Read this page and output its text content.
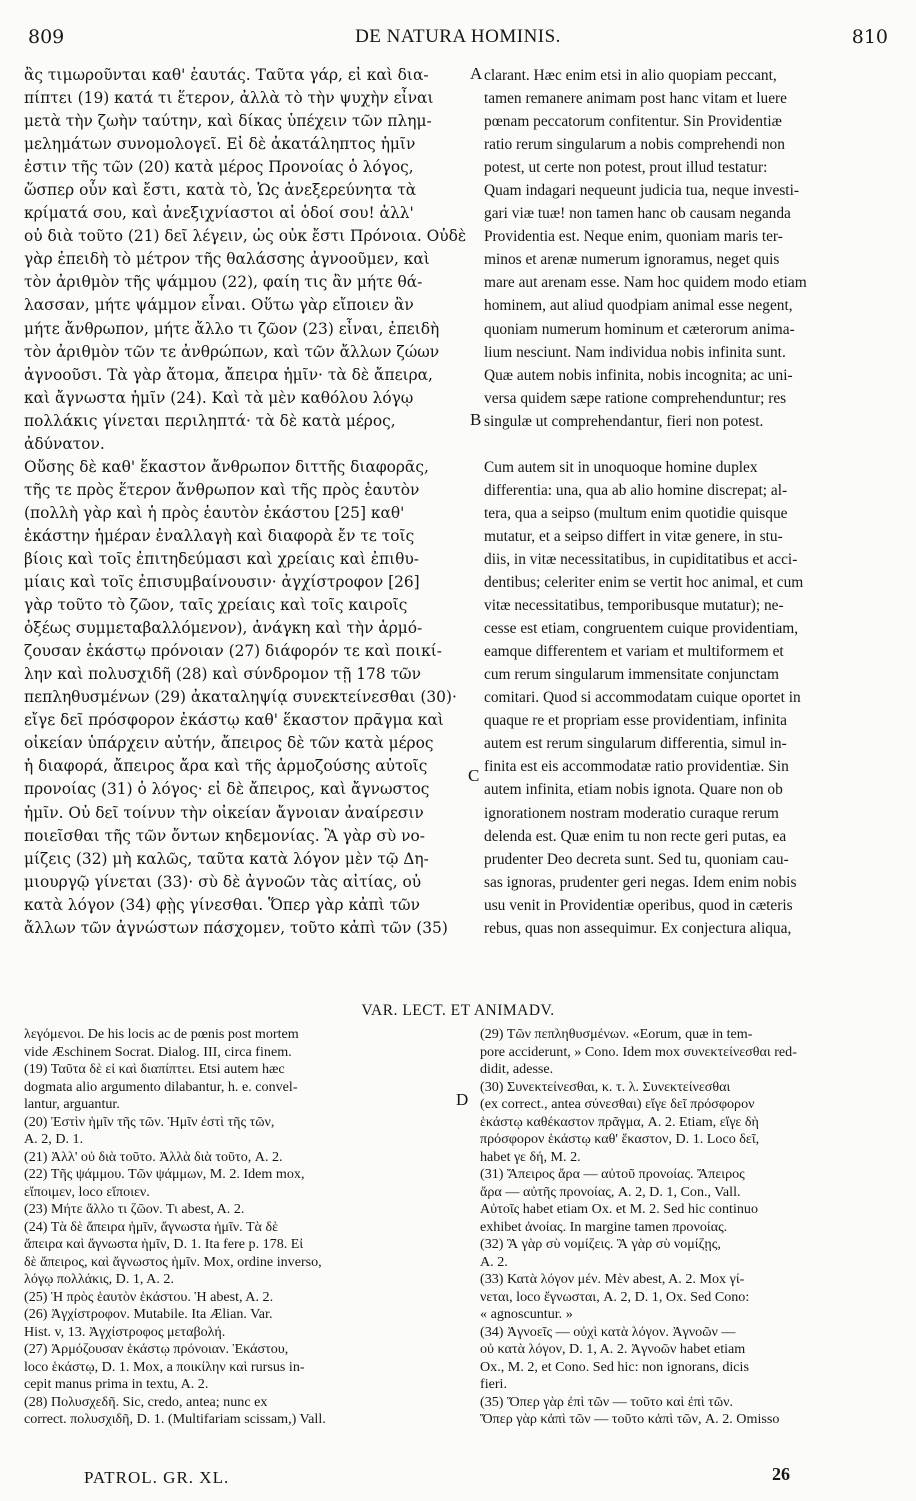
809	DE NATURA HOMINIS.	810
ἂς τιμωροῦνται καθ' ἑαυτάς. Ταῦτα γάρ, εἰ καὶ δια-
πίπτει (19) κατά τι ἕτερον, ἀλλὰ τὸ τὴν ψυχὴν εἶναι
μετὰ τὴν ζωὴν ταύτην, καὶ δίκας ὑπέχειν τῶν πλημ-
μελημάτων συνομολογεῖ. Εἰ δὲ ἀκατάληπτος ἡμῖν
ἐστιν τῆς τῶν (20) κατὰ μέρος Προνοίας ὁ λόγος,
ὥσπερ οὖν καὶ ἔστι, κατὰ τὸ, Ὡς ἀνεξερεύνητα τὰ
κρίματά σου, καὶ ἀνεξιχνίαστοι αἱ ὁδοί σου! ἀλλ'
οὐ διὰ τοῦτο (21) δεῖ λέγειν, ὡς οὐκ ἔστι Πρόνοια. Οὐδὲ
γὰρ ἐπειδὴ τὸ μέτρον τῆς θαλάσσης ἀγνοοῦμεν, καὶ
τὸν ἀριθμὸν τῆς ψάμμου (22), φαίη τις ἂν μήτε θά-
λασσαν, μήτε ψάμμον εἶναι. Οὕτω γὰρ εἴποιεν ἂν
μήτε ἄνθρωπον, μήτε ἄλλο τι ζῶον (23) εἶναι, ἐπειδὴ
τὸν ἀριθμὸν τῶν τε ἀνθρώπων, καὶ τῶν ἄλλων ζώων
ἀγνοοῦσι. Τὰ γὰρ ἄτομα, ἄπειρα ἡμῖν· τὰ δὲ ἄπειρα,
καὶ ἄγνωστα ἡμῖν (24). Καὶ τὰ μὲν καθόλου λόγῳ
πολλάκις γίνεται περιληπτά· τὰ δὲ κατὰ μέρος,
ἀδύνατον.
Οὔσης δὲ καθ' ἕκαστον ἄνθρωπον διττῆς διαφορᾶς,
τῆς τε πρὸς ἕτερον ἄνθρωπον καὶ τῆς πρὸς ἑαυτὸν
(πολλὴ γὰρ καὶ ἡ πρὸς ἑαυτὸν ἑκάστου [25] καθ'
ἑκάστην ἡμέραν ἐναλλαγὴ καὶ διαφορὰ ἔν τε τοῖς
βίοις καὶ τοῖς ἐπιτηδεύμασι καὶ χρείαις καὶ ἐπιθυ-
μίαις καὶ τοῖς ἐπισυμβαίνουσιν· ἀγχίστροφον [26]
γὰρ τοῦτο τὸ ζῶον, ταῖς χρείαις καὶ τοῖς καιροῖς
ὀξέως συμμεταβαλλόμενον), ἀνάγκη καὶ τὴν ἁρμό-
ζουσαν ἑκάστῳ πρόνοιαν (27) διάφορόν τε καὶ ποικί-
λην καὶ πολυσχιδῆ (28) καὶ σύνδρομον τῇ 178 τῶν
πεπληθυσμένων (29) ἀκαταληψίᾳ συνεκτείνεσθαι (30)·
εἴγε δεῖ πρόσφορον ἑκάστῳ καθ' ἕκαστον πρᾶγμα καὶ
οἰκείαν ὑπάρχειν αὐτήν, ἄπειρος δὲ τῶν κατὰ μέρος
ἡ διαφορά, ἄπειρος ἄρα καὶ τῆς ἁρμοζούσης αὐτοῖς
προνοίας (31) ὁ λόγος· εἰ δὲ ἄπειρος, καὶ ἄγνωστος
ἡμῖν. Οὐ δεῖ τοίνυν τὴν οἰκείαν ἄγνοιαν ἀναίρεσιν
ποιεῖσθαι τῆς τῶν ὄντων κηδεμονίας. Ἃ γὰρ σὺ νο-
μίζεις (32) μὴ καλῶς, ταῦτα κατὰ λόγον μὲν τῷ Δη-
μιουργῷ γίνεται (33)· σὺ δὲ ἀγνοῶν τὰς αἰτίας, οὐ
κατὰ λόγον (34) φῂς γίνεσθαι. Ὅπερ γὰρ κἀπὶ τῶν
ἄλλων τῶν ἀγνώστων πάσχομεν, τοῦτο κἀπὶ τῶν (35)
clarant. Hæc enim etsi in alio quopiam peccant,
tamen remanere animam post hanc vitam et luere
pœnam peccatorum confitentur. Sin Providentiæ
ratio rerum singularum a nobis comprehendi non
potest, ut certe non potest, prout illud testatur:
Quam indagari nequeunt judicia tua, neque investi-
gari viæ tuæ! non tamen hanc ob causam neganda
Providentia est. Neque enim, quoniam maris ter-
minos et arenæ numerum ignoramus, neget quis
mare aut arenam esse. Nam hoc quidem modo etiam
hominem, aut aliud quodpiam animal esse negent,
quoniam numerum hominum et cæterorum anima-
lium nesciunt. Nam individua nobis infinita sunt.
Quæ autem nobis infinita, nobis incognita; ac uni-
versa quidem sæpe ratione comprehenduntur; res
singulæ ut comprehendantur, fieri non potest.

Cum autem sit in unoquoque homine duplex
differentia: una, qua ab alio homine discrepat; al-
tera, qua a seipso (multum enim quotidie quisque
mutatur, et a seipso differt in vitæ genere, in stu-
diis, in vitæ necessitatibus, in cupiditatibus et acci-
dentibus; celeriter enim se vertit hoc animal, et cum
vitæ necessitatibus, temporibusque mutatur); ne-
cesse est etiam, congruentem cuique providentiam,
eamque differentem et variam et multiformem et
cum rerum singularum immensitate conjunctam
comitari. Quod si accommodatam cuique oportet in
quaque re et propriam esse providentiam, infinita
autem est rerum singularum differentia, simul in-
finita est eis accommodatæ ratio providentiæ. Sin
autem infinita, etiam nobis ignota. Quare non ob
ignorationem nostram moderatio curaque rerum
delenda est. Quæ enim tu non recte geri putas, ea
prudenter Deo decreta sunt. Sed tu, quoniam cau-
sas ignoras, prudenter geri negas. Idem enim nobis
usu venit in Providentiæ operibus, quod in cæteris
rebus, quas non assequimur. Ex conjectura aliqua,
A
B
C
D
VAR. LECT. ET ANIMADV.
λεγόμενοι. De his locis ac de pœnis post mortem
vide Æschinem Socrat. Dialog. III, circa finem.
(19) Ταῦτα δὲ εἰ καὶ διαπίπτει. Etsi autem hæc
dogmata alio argumento dilabantur, h. e. convel-
lantur, arguantur.
(20) Ἐστὶν ἡμῖν τῆς τῶν. Ἡμῖν ἐστὶ τῆς τῶν,
A. 2, D. 1.
(21) Ἀλλ' οὐ διὰ τοῦτο. Ἀλλὰ διὰ τοῦτο, A. 2.
(22) Τῆς ψάμμου. Τῶν ψάμμων, M. 2. Idem mox,
εἴποιμεν, loco εἴποιεν.
(23) Μήτε ἄλλο τι ζῶον. Τι abest, A. 2.
(24) Τὰ δὲ ἄπειρα ἡμῖν, ἄγνωστα ἡμῖν. Τὰ δὲ
ἄπειρα καὶ ἄγνωστα ἡμῖν, D. 1. Ita fere p. 178. Εἰ
δὲ ἄπειρος, καὶ ἄγνωστος ἡμῖν. Mox, ordine inverso,
λόγῳ πολλάκις, D. 1, A. 2.
(25) Ἡ πρὸς ἑαυτὸν ἑκάστου. Ἡ abest, A. 2.
(26) Ἀγχίστροφον. Mutabile. Ita Ælian. Var.
Hist. v, 13. Ἀγχίστροφος μεταβολή.
(27) Ἁρμόζουσαν ἑκάστῳ πρόνοιαν. Ἑκάστου,
loco ἑκάστῳ, D. 1. Mox, a ποικίλην καὶ rursus in-
cepit manus prima in textu, A. 2.
(28) Πολυσχεδῆ. Sic, credo, antea; nunc ex
correct. πολυσχιδῆ, D. 1. (Multifariam scissam,) Vall.
(29) Τῶν πεπληθυσμένων. «Eorum, quæ in tem-
pore acciderunt, » Cono. Idem mox συνεκτείνεσθαι red-
didit, adesse.
(30) Συνεκτείνεσθαι, κ. τ. λ. Συνεκτείνεσθαι
(ex correct., antea σύνεσθαι) εἴγε δεῖ πρόσφορον
ἑκάστῳ καθέκαστον πρᾶγμα, A. 2. Etiam, εἴγε δὴ
πρόσφορον ἑκάστῳ καθ' ἕκαστον, D. 1. Loco δεῖ,
habet γε δή, M. 2.
(31) Ἄπειρος ἄρα — αὐτοῦ προνοίας. Ἄπειρος
ἄρα — αὐτῆς προνοίας, A. 2, D. 1, Con., Vall.
Αὐτοῖς habet etiam Ox. et M. 2. Sed hic continuo
exhibet ἀνοίας. In margine tamen προνοίας.
(32) Ἃ γὰρ σὺ νομίζεις. Ἃ γὰρ σὺ νομίζῃς,
A. 2.
(33) Κατὰ λόγον μέν. Μὲν abest, A. 2. Mox γί-
νεται, loco ἔγνωσται, A. 2, D. 1, Ox. Sed Cono:
« agnoscuntur. »
(34) Ἀγνοεῖς — οὐχὶ κατὰ λόγον. Ἀγνοῶν —
οὐ κατὰ λόγον, D. 1, A. 2. Ἀγνοῶν habet etiam
Ox., M. 2, et Cono. Sed hic: non ignorans, dicis
fieri.
(35) Ὅπερ γὰρ ἐπὶ τῶν — τοῦτο καὶ ἐπὶ τῶν.
Ὅπερ γὰρ κἀπὶ τῶν — τοῦτο κἀπὶ τῶν, A. 2. Omisso
PATROL. GR. XL.	26
